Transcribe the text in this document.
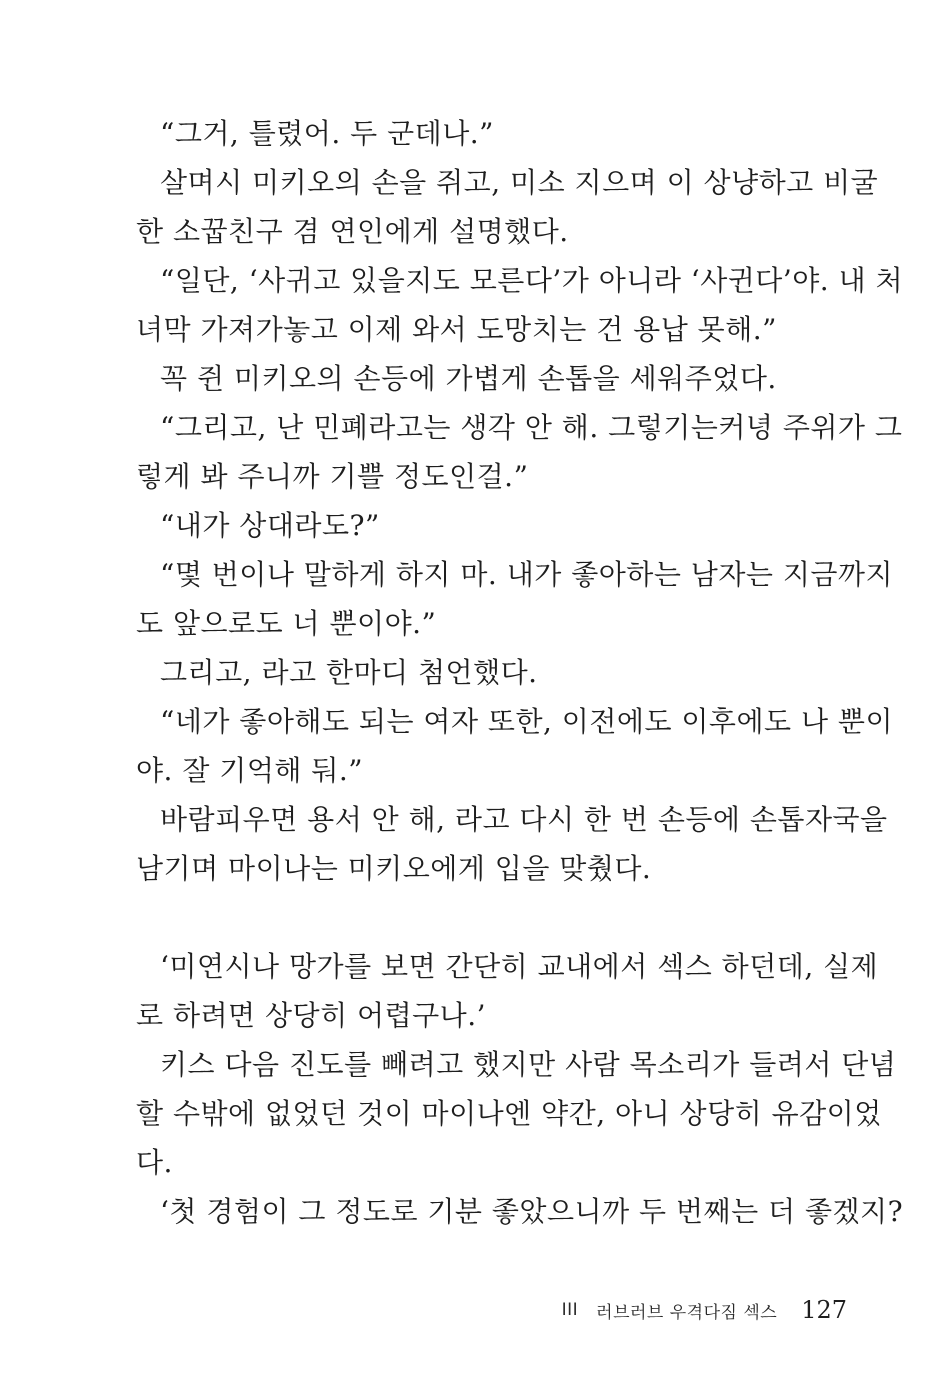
“그거, 틀렸어. 두 군데나.”
살며시 미키오의 손을 쥐고, 미소 지으며 이 상냥하고 비굴
한 소꿉친구 겸 연인에게 설명했다.
“일단, ‘사귀고 있을지도 모른다’가 아니라 ‘사귄다’야. 내 처
녀막 가져가놓고 이제 와서 도망치는 건 용납 못해.”
꼭 쥔 미키오의 손등에 가볍게 손톱을 세워주었다.
“그리고, 난 민폐라고는 생각 안 해. 그렇기는커녕 주위가 그
렇게 봐 주니까 기쁠 정도인걸.”
“내가 상대라도?”
“몇 번이나 말하게 하지 마. 내가 좋아하는 남자는 지금까지
도 앞으로도 너 뿐이야.”
그리고, 라고 한마디 첨언했다.
“네가 좋아해도 되는 여자 또한, 이전에도 이후에도 나 뿐이
야. 잘 기억해 둬.”
바람피우면 용서 안 해, 라고 다시 한 번 손등에 손톱자국을
남기며 마이나는 미키오에게 입을 맞췄다.
‘미연시나 망가를 보면 간단히 교내에서 섹스 하던데, 실제
로 하려면 상당히 어렵구나.’
키스 다음 진도를 빼려고 했지만 사람 목소리가 들려서 단념
할 수밖에 없었던 것이 마이나엔 약간, 아니 상당히 유감이었
다.
‘첫 경험이 그 정도로 기분 좋았으니까 두 번째는 더 좋겠지?
III 러브러브 우격다짐 섹스 127
